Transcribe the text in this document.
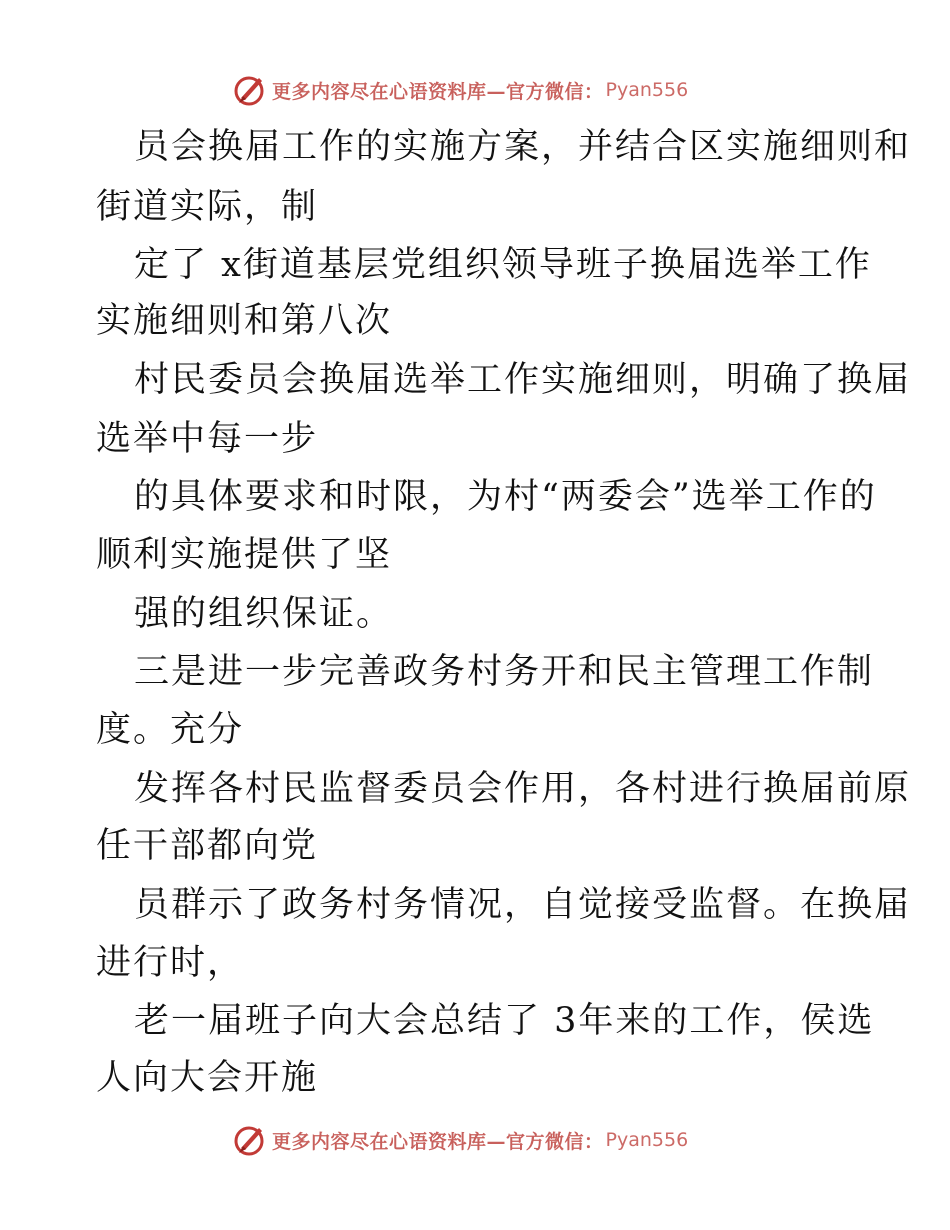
更多内容尽在心语资料库—官方微信： Pyan556
员会换届工作的实施方案，并结合区实施细则和
街道实际，制
定了 x街道基层党组织领导班子换届选举工作
实施细则和第八次
村民委员会换届选举工作实施细则，明确了换届
选举中每一步
的具体要求和时限，为村“两委会”选举工作的
顺利实施提供了坚
强的组织保证。
三是进一步完善政务村务开和民主管理工作制
度。充分
发挥各村民监督委员会作用，各村进行换届前原
任干部都向党
员群示了政务村务情况，自觉接受监督。在换届
进行时，
老一届班子向大会总结了 3年来的工作，侯选
人向大会开施
更多内容尽在心语资料库—官方微信： Pyan556
